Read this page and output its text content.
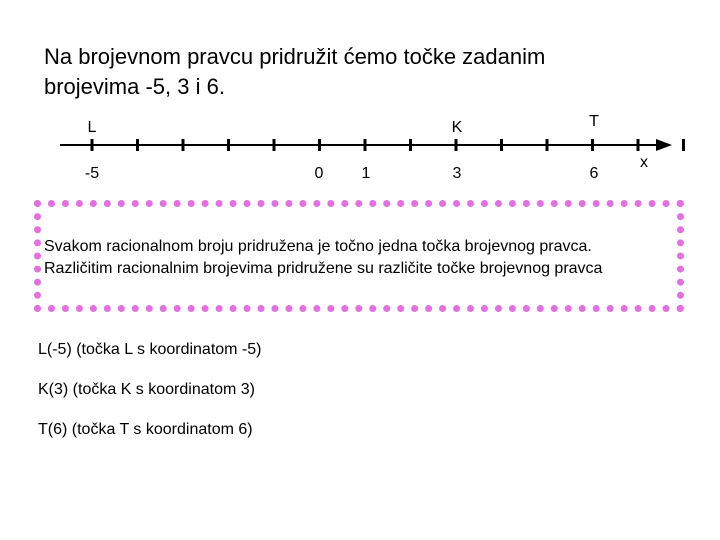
Na brojevnom pravcu pridružit ćemo točke zadanim
brojevima -5, 3 i 6.
L	K	T
-5	0 1	3	6
x
Svakom racionalnom broju pridružena je točno jedna točka brojevnog pravca.
Različitim racionalnim brojevima pridružene su različite točke brojevnog pravca
L(-5) (točka L s koordinatom -5)
K(3) (točka K s koordinatom 3)
T(6) (točka T s koordinatom 6)
